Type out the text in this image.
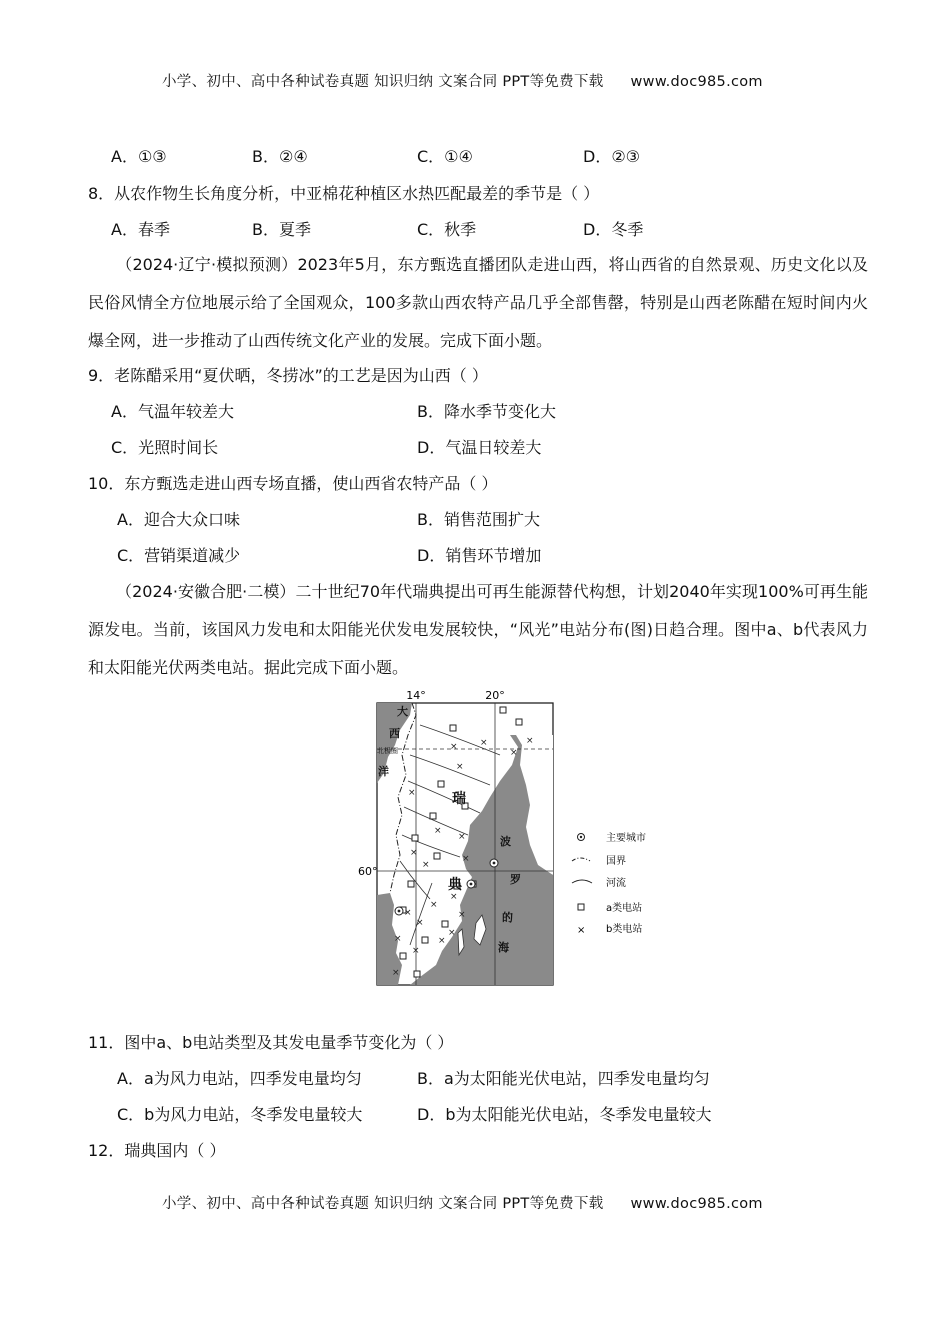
小学、初中、高中各种试卷真题 知识归纳 文案合同 PPT等免费下载 www.doc985.com
A．①③	B．②④	C．①④	D．②③
8．从农作物生长角度分析，中亚棉花种植区水热匹配最差的季节是（ ）
A．春季	B．夏季	C．秋季	D．冬季
（2024·辽宁·模拟预测）2023年5月，东方甄选直播团队走进山西，将山西省的自然景观、历史文化以及民俗风情全方位地展示给了全国观众，100多款山西农特产品几乎全部售罄，特别是山西老陈醋在短时间内火爆全网，进一步推动了山西传统文化产业的发展。完成下面小题。
9．老陈醋采用“夏伏晒，冬捞冰”的工艺是因为山西（ ）
A．气温年较差大	B．降水季节变化大
C．光照时间长	D．气温日较差大
10．东方甄选走进山西专场直播，使山西省农特产品（ ）
A．迎合大众口味	B．销售范围扩大
C．营销渠道减少	D．销售环节增加
（2024·安徽合肥·二模）二十世纪70年代瑞典提出可再生能源替代构想，计划2040年实现100%可再生能源发电。当前，该国风力发电和太阳能光伏发电发展较快，“风光”电站分布(图)日趋合理。图中a、b代表风力和太阳能光伏两类电站。据此完成下面小题。
14°	20°
60°
×	×
×
×
×
×
×
×
×
×
×
×
×
×
×
×	×
×
×
×
×
大
西
北极圈
洋
瑞
典
波
罗
的
海
主要城市
国界
河流
a类电站
× b类电站
11．图中a、b电站类型及其发电量季节变化为（ ）
A．a为风力电站，四季发电量均匀	B．a为太阳能光伏电站，四季发电量均匀
C．b为风力电站，冬季发电量较大	D．b为太阳能光伏电站，冬季发电量较大
12．瑞典国内（ ）
小学、初中、高中各种试卷真题 知识归纳 文案合同 PPT等免费下载 www.doc985.com
